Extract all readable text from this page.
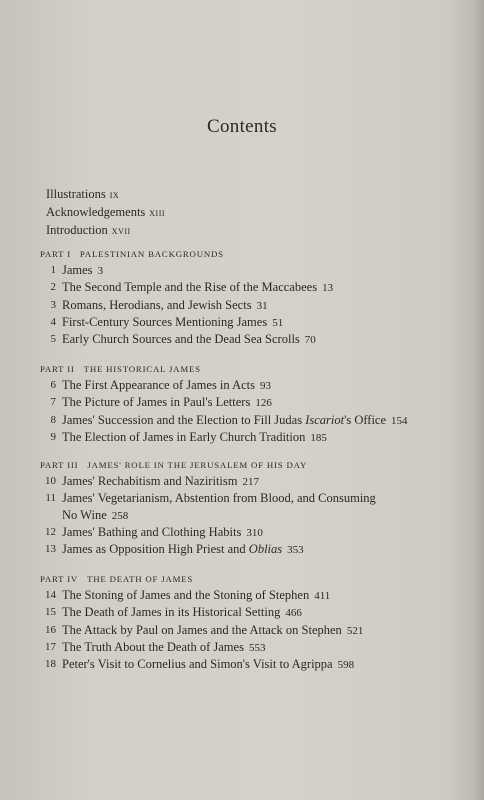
Contents
Illustrations ix
Acknowledgements xiii
Introduction xvii
PART I PALESTINIAN BACKGROUNDS
1 James 3
2 The Second Temple and the Rise of the Maccabees 13
3 Romans, Herodians, and Jewish Sects 31
4 First-Century Sources Mentioning James 51
5 Early Church Sources and the Dead Sea Scrolls 70
PART II THE HISTORICAL JAMES
6 The First Appearance of James in Acts 93
7 The Picture of James in Paul's Letters 126
8 James' Succession and the Election to Fill Judas Iscariot's Office 154
9 The Election of James in Early Church Tradition 185
PART III JAMES' ROLE IN THE JERUSALEM OF HIS DAY
10 James' Rechabitism and Naziritism 217
11 James' Vegetarianism, Abstention from Blood, and Consuming
No Wine 258
12 James' Bathing and Clothing Habits 310
13 James as Opposition High Priest and Oblias 353
PART IV THE DEATH OF JAMES
14 The Stoning of James and the Stoning of Stephen 411
15 The Death of James in its Historical Setting 466
16 The Attack by Paul on James and the Attack on Stephen 521
17 The Truth About the Death of James 553
18 Peter's Visit to Cornelius and Simon's Visit to Agrippa 598
